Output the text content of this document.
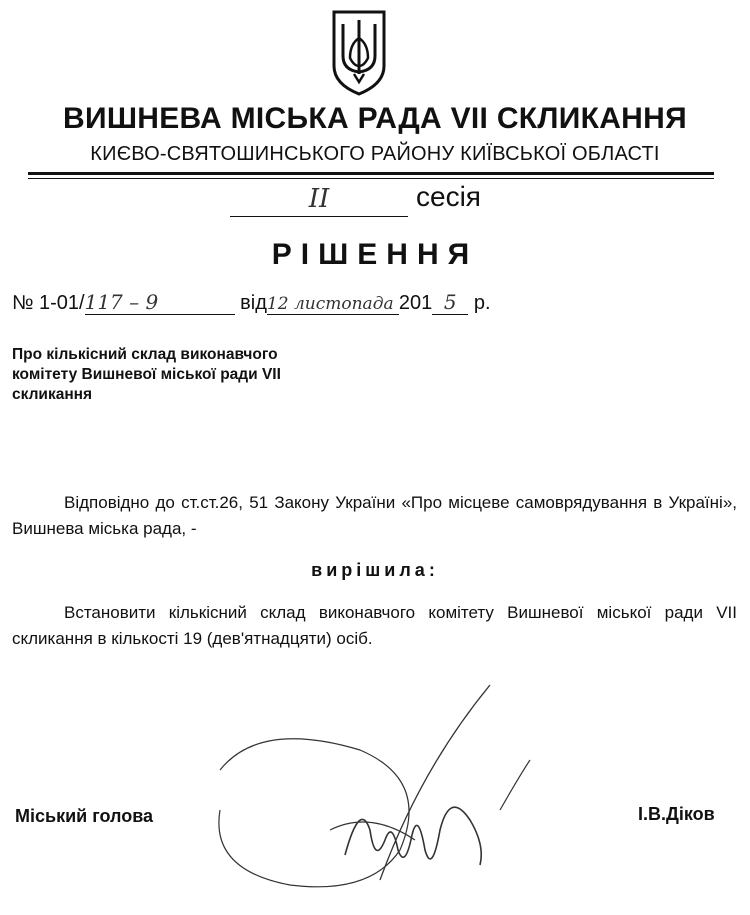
ВИШНЕВА МІСЬКА РАДА VII СКЛИКАННЯ
КИЄВО-СВЯТОШИНСЬКОГО РАЙОНУ КИЇВСЬКОЇ ОБЛАСТІ
ІІ	сесія
РІШЕННЯ
№ 1-01/117 – 9	від12 листопада 201 5 р.
Про кількісний склад виконавчого комітету Вишневої міської ради VII скликання
Відповідно до ст.ст.26, 51 Закону України «Про місцеве самоврядування в Україні», Вишнева міська рада, -
вирішила:
Встановити кількісний склад виконавчого комітету Вишневої міської ради VII скликання в кількості 19 (дев'ятнадцяти) осіб.
Міський голова	І.В.Діков
